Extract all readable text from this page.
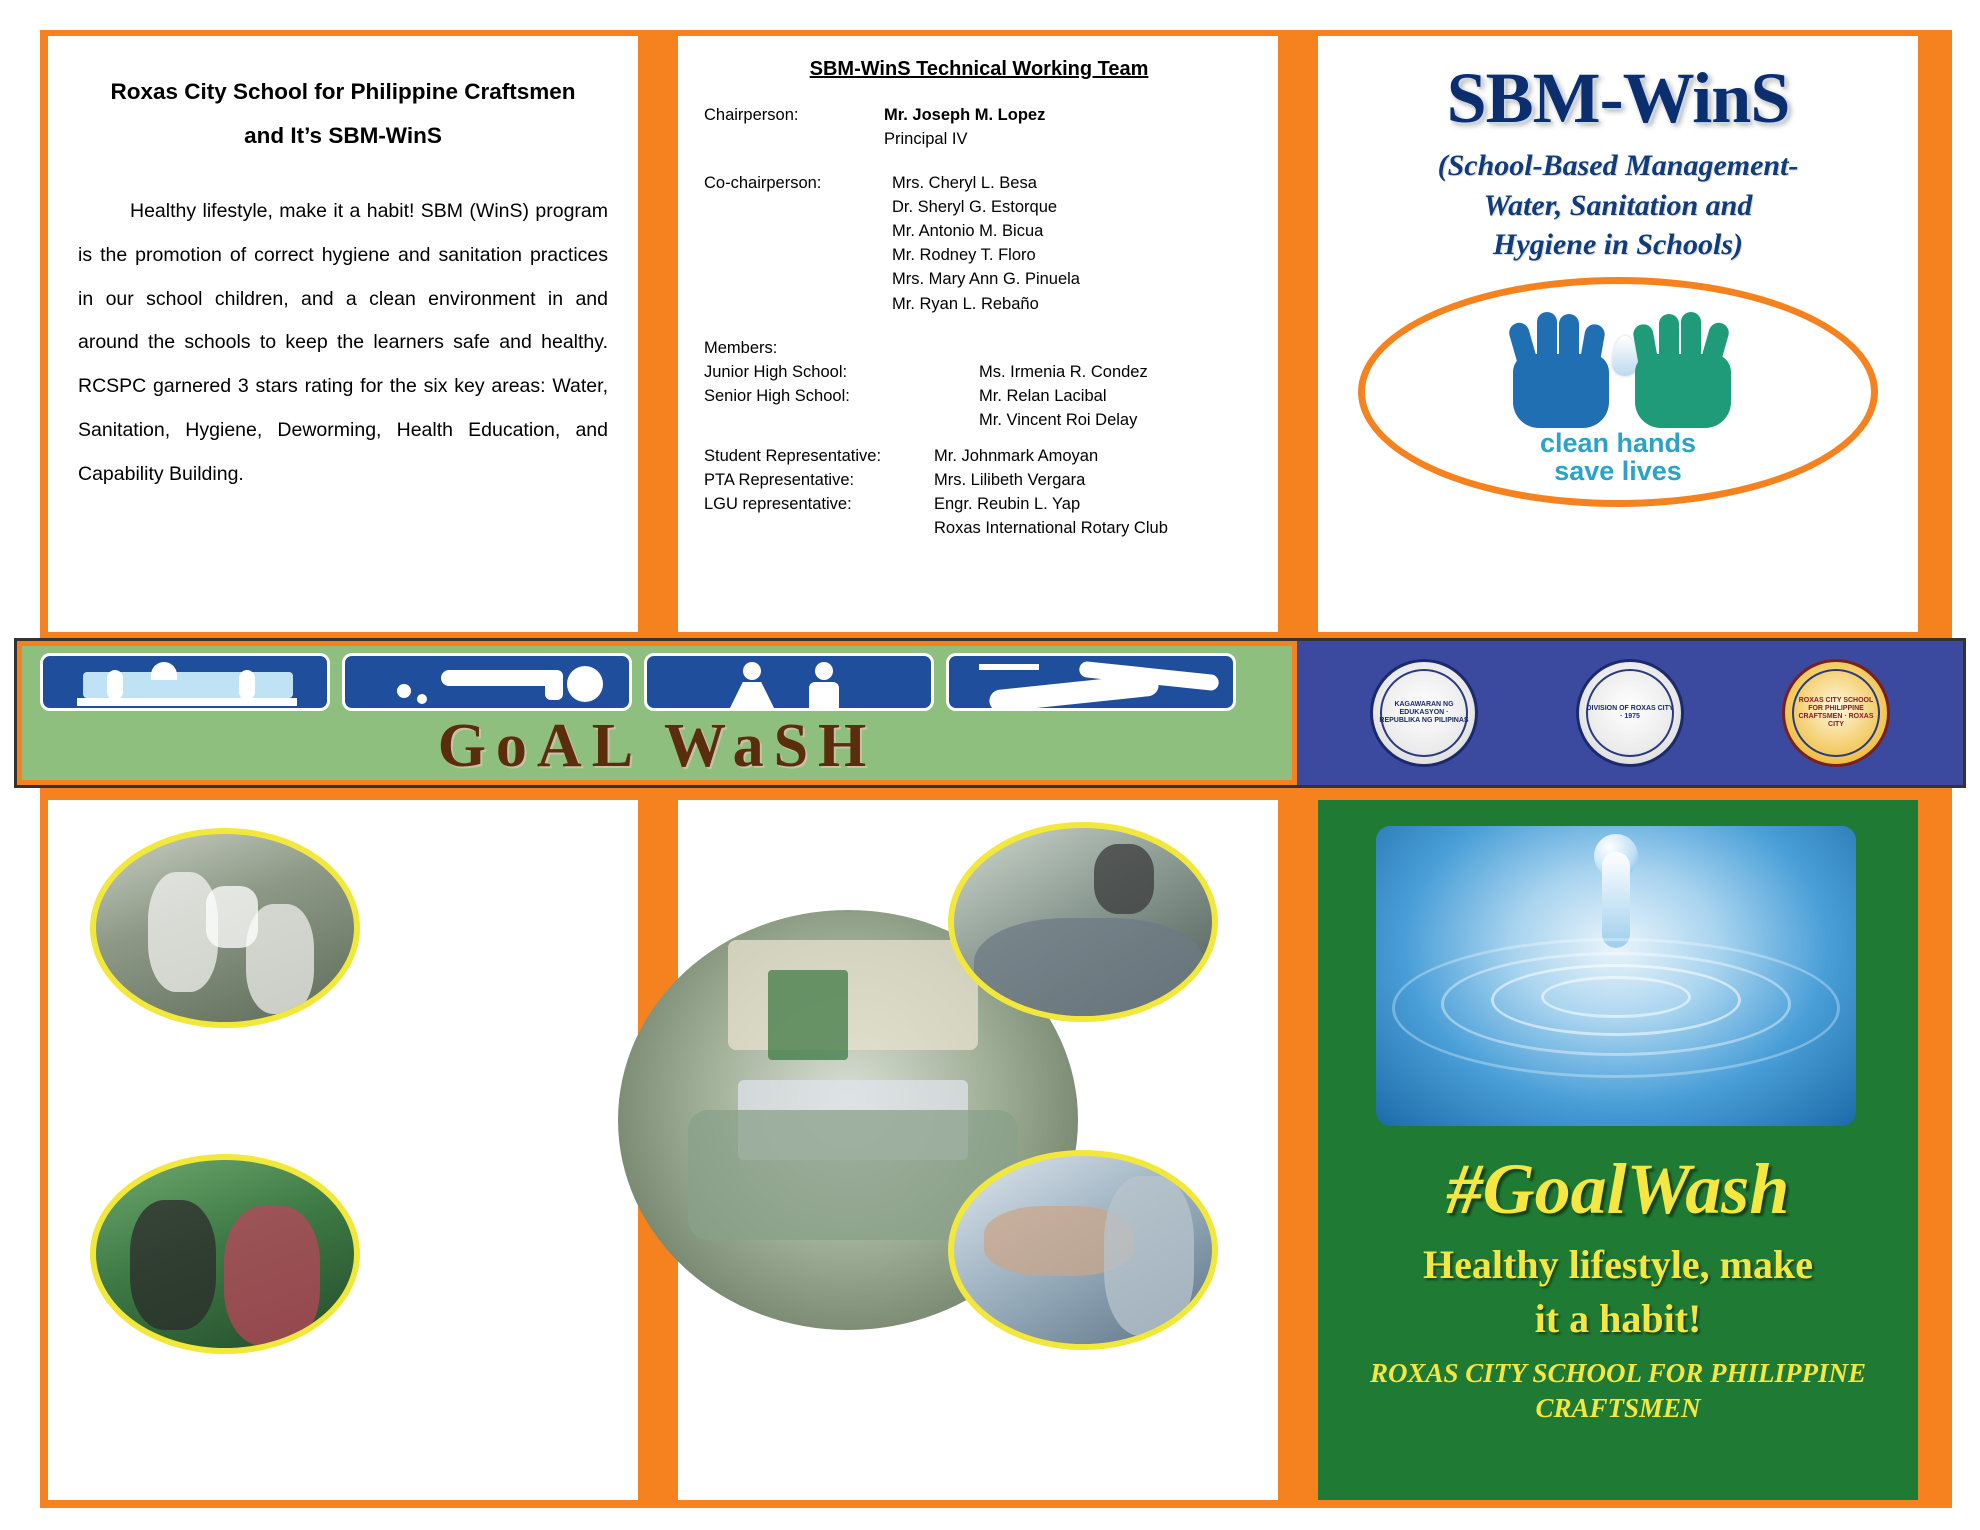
Roxas City School for Philippine Craftsmen
and It’s SBM-WinS
Healthy lifestyle, make it a habit! SBM (WinS) program is the promotion of correct hygiene and sanitation practices in our school children, and a clean environment in and around the schools to keep the learners safe and healthy. RCSPC garnered 3 stars rating for the six key areas: Water, Sanitation, Hygiene, Deworming, Health Education, and Capability Building.
SBM-WinS Technical Working Team
Chairperson:	Mr. Joseph M. Lopez
Principal IV
Co-chairperson:	Mrs. Cheryl L. Besa
Dr. Sheryl G. Estorque
Mr. Antonio M. Bicua
Mr. Rodney T. Floro
Mrs. Mary Ann G. Pinuela
Mr. Ryan L. Rebaño
Members:
Junior High School:	Ms. Irmenia R. Condez
Senior High School:	Mr. Relan Lacibal
Mr. Vincent Roi Delay
Student Representative:	Mr. Johnmark Amoyan
PTA Representative:	Mrs. Lilibeth Vergara
LGU representative:	Engr. Reubin L. Yap
Roxas International Rotary Club
SBM-WinS
(School-Based Management-
Water, Sanitation and
Hygiene in Schools)
clean hands
save lives
GoAL WaSH
KAGAWARAN NG EDUKASYON · REPUBLIKA NG PILIPINAS
DIVISION OF ROXAS CITY · 1975
ROXAS CITY SCHOOL FOR PHILIPPINE CRAFTSMEN · ROXAS CITY
#GoalWash
Healthy lifestyle, make
it a habit!
ROXAS CITY SCHOOL FOR PHILIPPINE
CRAFTSMEN
